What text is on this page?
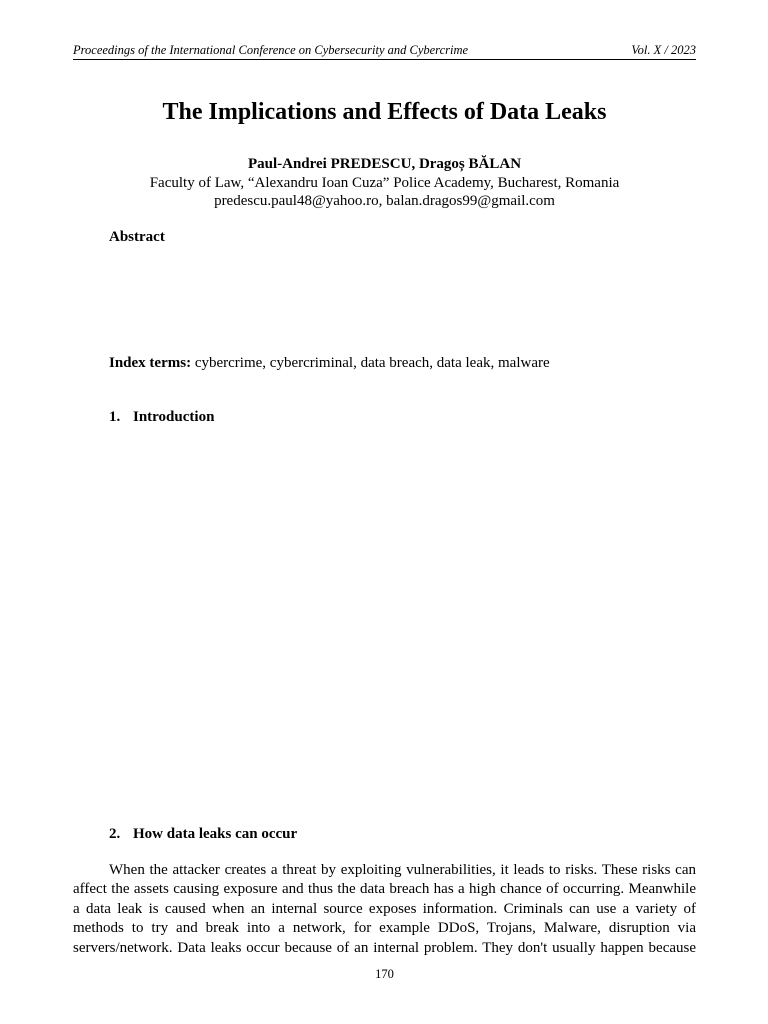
Proceedings of the International Conference on Cybersecurity and Cybercrime	Vol. X / 2023
The Implications and Effects of Data Leaks
Paul-Andrei PREDESCU, Dragoș BĂLAN
Faculty of Law, “Alexandru Ioan Cuza” Police Academy, Bucharest, Romania
predescu.paul48@yahoo.ro, balan.dragos99@gmail.com
Abstract
Index terms: cybercrime, cybercriminal, data breach, data leak, malware
1. Introduction
2. How data leaks can occur
When the attacker creates a threat by exploiting vulnerabilities, it leads to risks. These risks can
affect the assets causing exposure and thus the data breach has a high chance of occurring. Meanwhile
a data leak is caused when an internal source exposes information. Criminals can use a variety of
methods to try and break into a network, for example DDoS, Trojans, Malware, disruption via
servers/network. Data leaks occur because of an internal problem. They don't usually happen because
170
